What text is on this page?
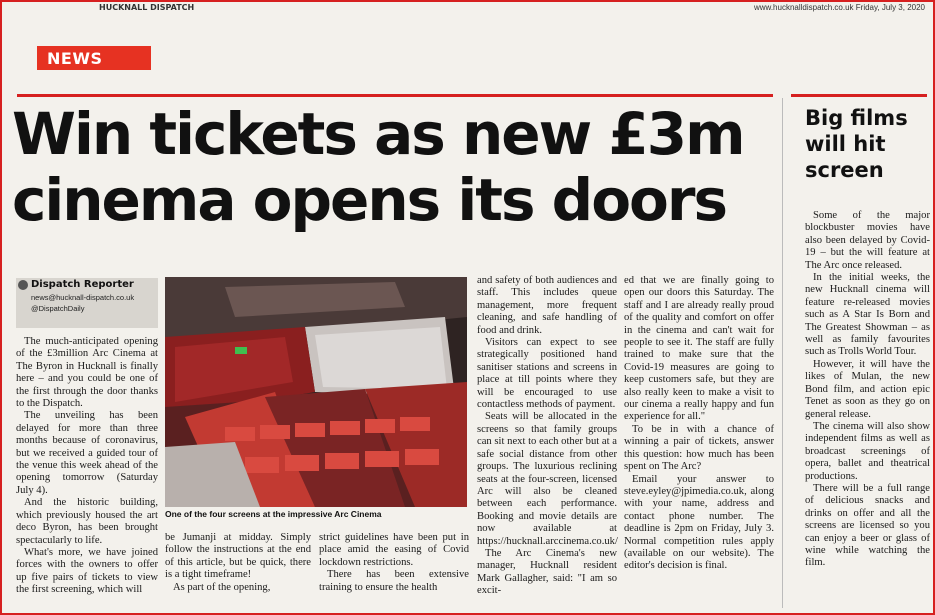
HUCKNALL DISPATCH	www.hucknalldispatch.co.uk Friday, July 3, 2020
NEWS
Win tickets as new £3m
cinema opens its doors
Big films will hit screen
Dispatch Reporter
news@hucknall-dispatch.co.uk
@DispatchDaily
One of the four screens at the impressive Arc Cinema

The much-anticipated opening of the £3million Arc Cinema at The Byron in Hucknall is finally here – and you could be one of the first through the door thanks to the Dispatch.

The unveiling has been delayed for more than three months because of coronavirus, but we received a guided tour of the venue this week ahead of the opening tomorrow (Saturday July 4).

And the historic building, which previously housed the art deco Byron, has been brought spectacularly to life.

What's more, we have joined forces with the owners to offer up five pairs of tickets to view the first screening, which will

be Jumanji at midday. Simply follow the instructions at the end of this article, but be quick, there is a tight timeframe!

As part of the opening,

strict guidelines have been put in place amid the easing of Covid lockdown restrictions.

There has been extensive training to ensure the health

and safety of both audiences and staff. This includes queue management, more frequent cleaning, and safe handling of food and drink.

Visitors can expect to see strategically positioned hand sanitiser stations and screens in place at till points where they will be encouraged to use contactless methods of payment.

Seats will be allocated in the screens so that family groups can sit next to each other but at a safe social distance from other groups. The luxurious reclining seats at the four-screen, licensed Arc will also be cleaned between each performance. Booking and movie details are now available at https://hucknall.arccinema.co.uk/

The Arc Cinema's new manager, Hucknall resident Mark Gallagher, said: "I am so excit-

ed that we are finally going to open our doors this Saturday. The staff and I are already really proud of the quality and comfort on offer in the cinema and can't wait for people to see it. The staff are fully trained to make sure that the Covid-19 measures are going to keep customers safe, but they are also really keen to make a visit to our cinema a really happy and fun experience for all."

To be in with a chance of winning a pair of tickets, answer this question: how much has been spent on The Arc?

Email your answer to steve.eyley@jpimedia.co.uk, along with your name, address and contact phone number. The deadline is 2pm on Friday, July 3. Normal competition rules apply (available on our website). The editor's decision is final.

Some of the major blockbuster movies have also been delayed by Covid-19 – but the will feature at The Arc once released.

In the initial weeks, the new Hucknall cinema will feature re-released movies such as A Star Is Born and The Greatest Showman – as well as family favourites such as Trolls World Tour.

However, it will have the likes of Mulan, the new Bond film, and action epic Tenet as soon as they go on general release.

The cinema will also show independent films as well as broadcast screenings of opera, ballet and theatrical productions.

There will be a full range of delicious snacks and drinks on offer and all the screens are licensed so you can enjoy a beer or glass of wine while watching the film.
